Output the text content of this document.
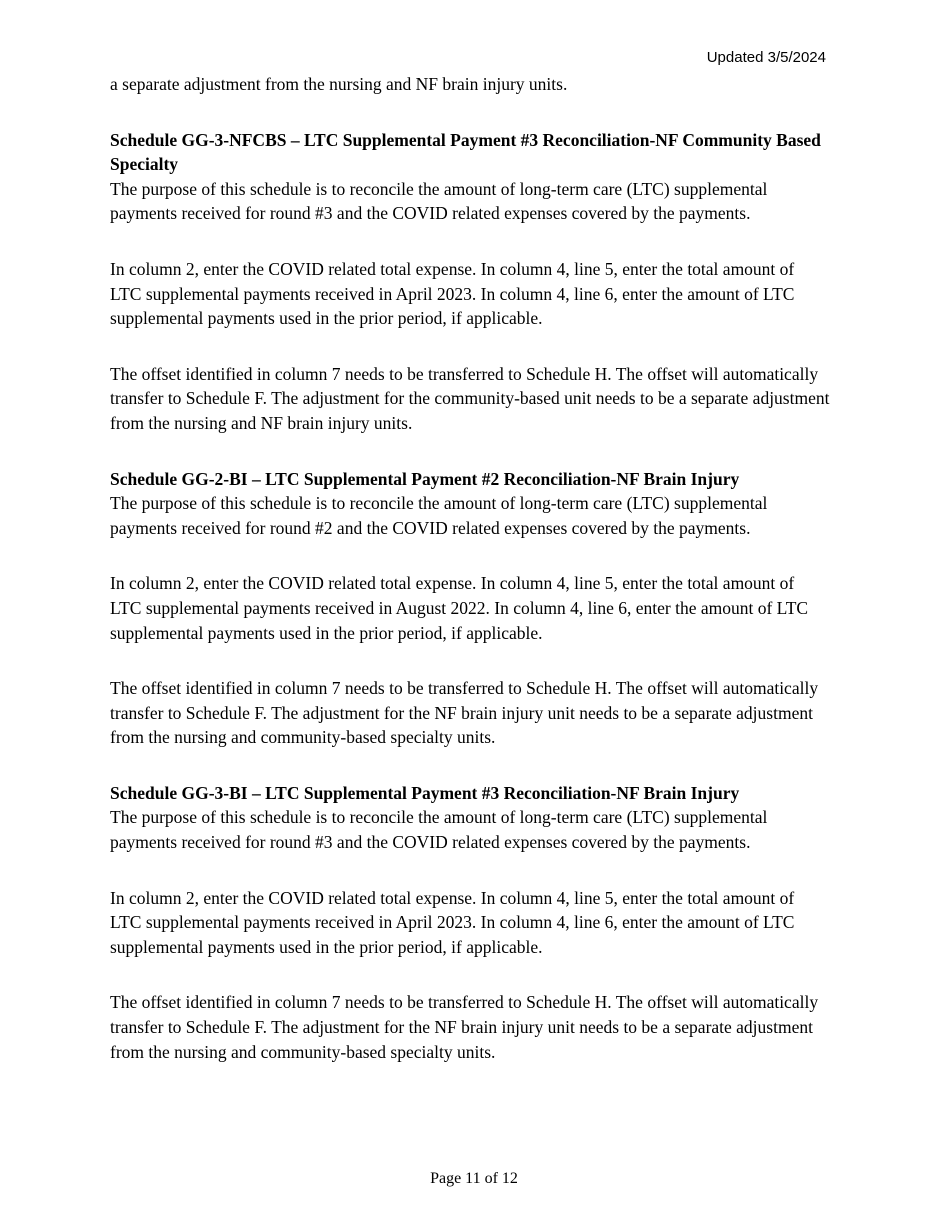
Updated 3/5/2024

a separate adjustment from the nursing and NF brain injury units.

Schedule GG-3-NFCBS – LTC Supplemental Payment #3 Reconciliation-NF Community Based Specialty

The purpose of this schedule is to reconcile the amount of long-term care (LTC) supplemental payments received for round #3 and the COVID related expenses covered by the payments.

In column 2, enter the COVID related total expense. In column 4, line 5, enter the total amount of LTC supplemental payments received in April 2023. In column 4, line 6, enter the amount of LTC supplemental payments used in the prior period, if applicable.

The offset identified in column 7 needs to be transferred to Schedule H. The offset will automatically transfer to Schedule F. The adjustment for the community-based unit needs to be a separate adjustment from the nursing and NF brain injury units.

Schedule GG-2-BI – LTC Supplemental Payment #2 Reconciliation-NF Brain Injury

The purpose of this schedule is to reconcile the amount of long-term care (LTC) supplemental payments received for round #2 and the COVID related expenses covered by the payments.

In column 2, enter the COVID related total expense. In column 4, line 5, enter the total amount of LTC supplemental payments received in August 2022. In column 4, line 6, enter the amount of LTC supplemental payments used in the prior period, if applicable.

The offset identified in column 7 needs to be transferred to Schedule H. The offset will automatically transfer to Schedule F. The adjustment for the NF brain injury unit needs to be a separate adjustment from the nursing and community-based specialty units.

Schedule GG-3-BI – LTC Supplemental Payment #3 Reconciliation-NF Brain Injury

The purpose of this schedule is to reconcile the amount of long-term care (LTC) supplemental payments received for round #3 and the COVID related expenses covered by the payments.

In column 2, enter the COVID related total expense. In column 4, line 5, enter the total amount of LTC supplemental payments received in April 2023. In column 4, line 6, enter the amount of LTC supplemental payments used in the prior period, if applicable.

The offset identified in column 7 needs to be transferred to Schedule H. The offset will automatically transfer to Schedule F. The adjustment for the NF brain injury unit needs to be a separate adjustment from the nursing and community-based specialty units.

Page 11 of 12
